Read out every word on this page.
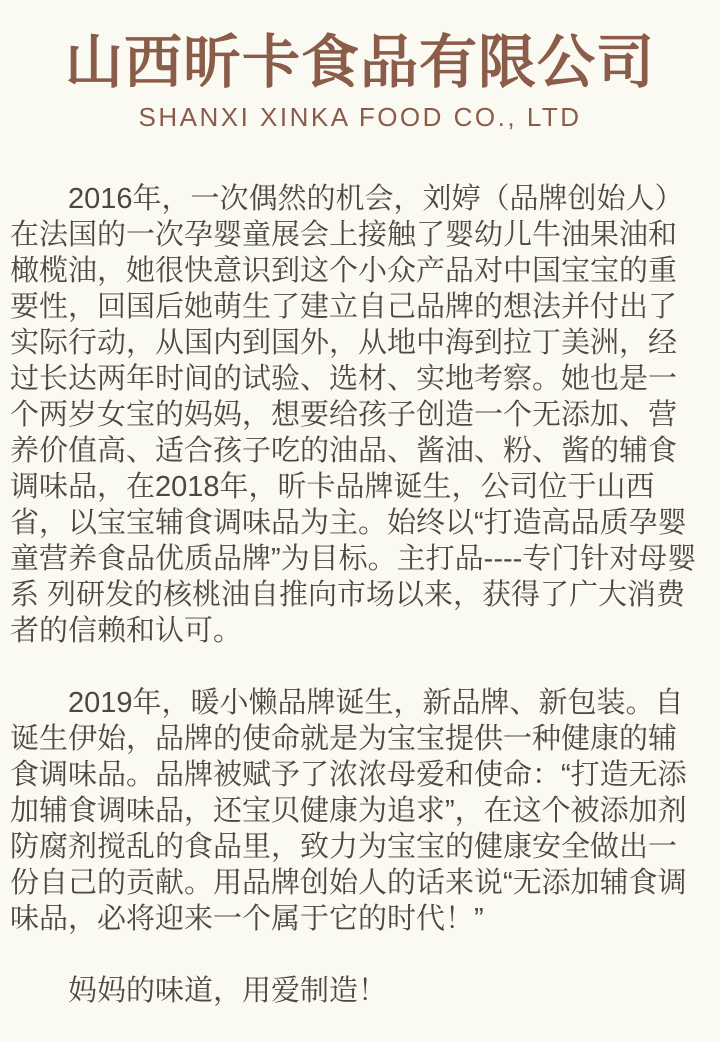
山西昕卡食品有限公司
SHANXI XINKA FOOD CO., LTD

2016年，一次偶然的机会，刘婷（品牌创始人）在法国的一次孕婴童展会上接触了婴幼儿牛油果油和橄榄油，她很快意识到这个小众产品对中国宝宝的重要性，回国后她萌生了建立自己品牌的想法并付出了实际行动，从国内到国外，从地中海到拉丁美洲，经过长达两年时间的试验、选材、实地考察。她也是一个两岁女宝的妈妈，想要给孩子创造一个无添加、营养价值高、适合孩子吃的油品、酱油、粉、酱的辅食调味品，在2018年，昕卡品牌诞生，公司位于山西省，以宝宝辅食调味品为主。始终以“打造高品质孕婴童营养食品优质品牌”为目标。主打品----专门针对母婴系 列研发的核桃油自推向市场以来，获得了广大消费者的信赖和认可。

2019年，暖小懒品牌诞生，新品牌、新包装。自诞生伊始，品牌的使命就是为宝宝提供一种健康的辅食调味品。品牌被赋予了浓浓母爱和使命：“打造无添加辅食调味品，还宝贝健康为追求”，在这个被添加剂防腐剂搅乱的食品里，致力为宝宝的健康安全做出一份自己的贡献。用品牌创始人的话来说“无添加辅食调味品，必将迎来一个属于它的时代！”

妈妈的味道，用爱制造！
